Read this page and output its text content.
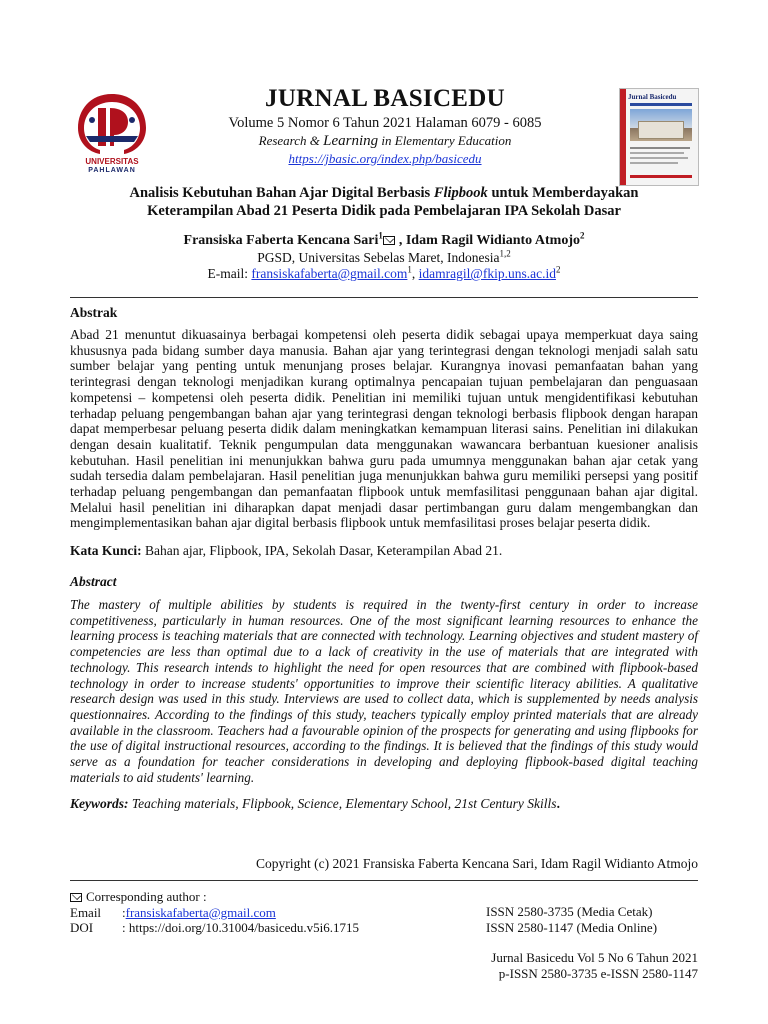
UNIVERSITAS
PAHLAWAN
JURNAL BASICEDU
Volume 5 Nomor 6 Tahun 2021 Halaman 6079 - 6085
Research & Learning in Elementary Education
https://jbasic.org/index.php/basicedu
Jurnal Basicedu
Analisis Kebutuhan Bahan Ajar Digital Berbasis Flipbook untuk Memberdayakan
Keterampilan Abad 21 Peserta Didik pada Pembelajaran IPA Sekolah Dasar
Fransiska Faberta Kencana Sari$^1$ , Idam Ragil Widianto Atmojo$^2$
PGSD, Universitas Sebelas Maret, Indonesia$^{1,2}$
E-mail: fransiskafaberta@gmail.com$^1$, $idamragil@fkip.uns.ac.id^2$
Abstrak
Abad 21 menuntut dikuasainya berbagai kompetensi oleh peserta didik sebagai upaya memperkuat daya saing khususnya pada bidang sumber daya manusia. Bahan ajar yang terintegrasi dengan teknologi menjadi salah satu sumber belajar yang penting untuk menunjang proses belajar. Kurangnya inovasi pemanfaatan bahan yang terintegrasi dengan teknologi menjadikan kurang optimalnya pencapaian tujuan pembelajaran dan penguasaan kompetensi – kompetensi oleh peserta didik. Penelitian ini memiliki tujuan untuk mengidentifikasi kebutuhan terhadap peluang pengembangan bahan ajar yang terintegrasi dengan teknologi berbasis flipbook dengan harapan dapat memperbesar peluang peserta didik dalam meningkatkan kemampuan literasi sains. Penelitian ini dilakukan dengan desain kualitatif. Teknik pengumpulan data menggunakan wawancara berbantuan kuesioner analisis kebutuhan. Hasil penelitian ini menunjukkan bahwa guru pada umumnya menggunakan bahan ajar cetak yang sudah tersedia dalam pembelajaran. Hasil penelitian juga menunjukkan bahwa guru memiliki persepsi yang positif terhadap peluang pengembangan dan pemanfaatan flipbook untuk memfasilitasi penggunaan bahan ajar digital. Melalui hasil penelitian ini diharapkan dapat menjadi dasar pertimbangan guru dalam mengembangkan dan mengimplementasikan bahan ajar digital berbasis flipbook untuk memfasilitasi proses belajar peserta didik.
Kata Kunci: Bahan ajar, Flipbook, IPA, Sekolah Dasar, Keterampilan Abad 21.
Abstract
The mastery of multiple abilities by students is required in the twenty-first century in order to increase competitiveness, particularly in human resources. One of the most significant learning resources to enhance the learning process is teaching materials that are connected with technology. Learning objectives and student mastery of competencies are less than optimal due to a lack of creativity in the use of materials that are integrated with technology. This research intends to highlight the need for open resources that are combined with flipbook-based technology in order to increase students' opportunities to improve their scientific literacy abilities. A qualitative research design was used in this study. Interviews are used to collect data, which is supplemented by needs analysis questionnaires. According to the findings of this study, teachers typically employ printed materials that are already available in the classroom. Teachers had a favourable opinion of the prospects for generating and using flipbooks for the use of digital instructional resources, according to the findings. It is believed that the findings of this study would serve as a foundation for teacher considerations in developing and deploying flipbook-based digital teaching materials to aid students' learning.
Keywords: Teaching materials, Flipbook, Science, Elementary School, 21st Century Skills.
Copyright (c) 2021 Fransiska Faberta Kencana Sari, Idam Ragil Widianto Atmojo
Corresponding author :
Email	: fransiskafaberta@gmail.com
DOI	: https://doi.org/10.31004/basicedu.v5i6.1715
ISSN 2580-3735 (Media Cetak)
ISSN 2580-1147 (Media Online)
Jurnal Basicedu Vol 5 No 6 Tahun 2021
p-ISSN 2580-3735 e-ISSN 2580-1147
